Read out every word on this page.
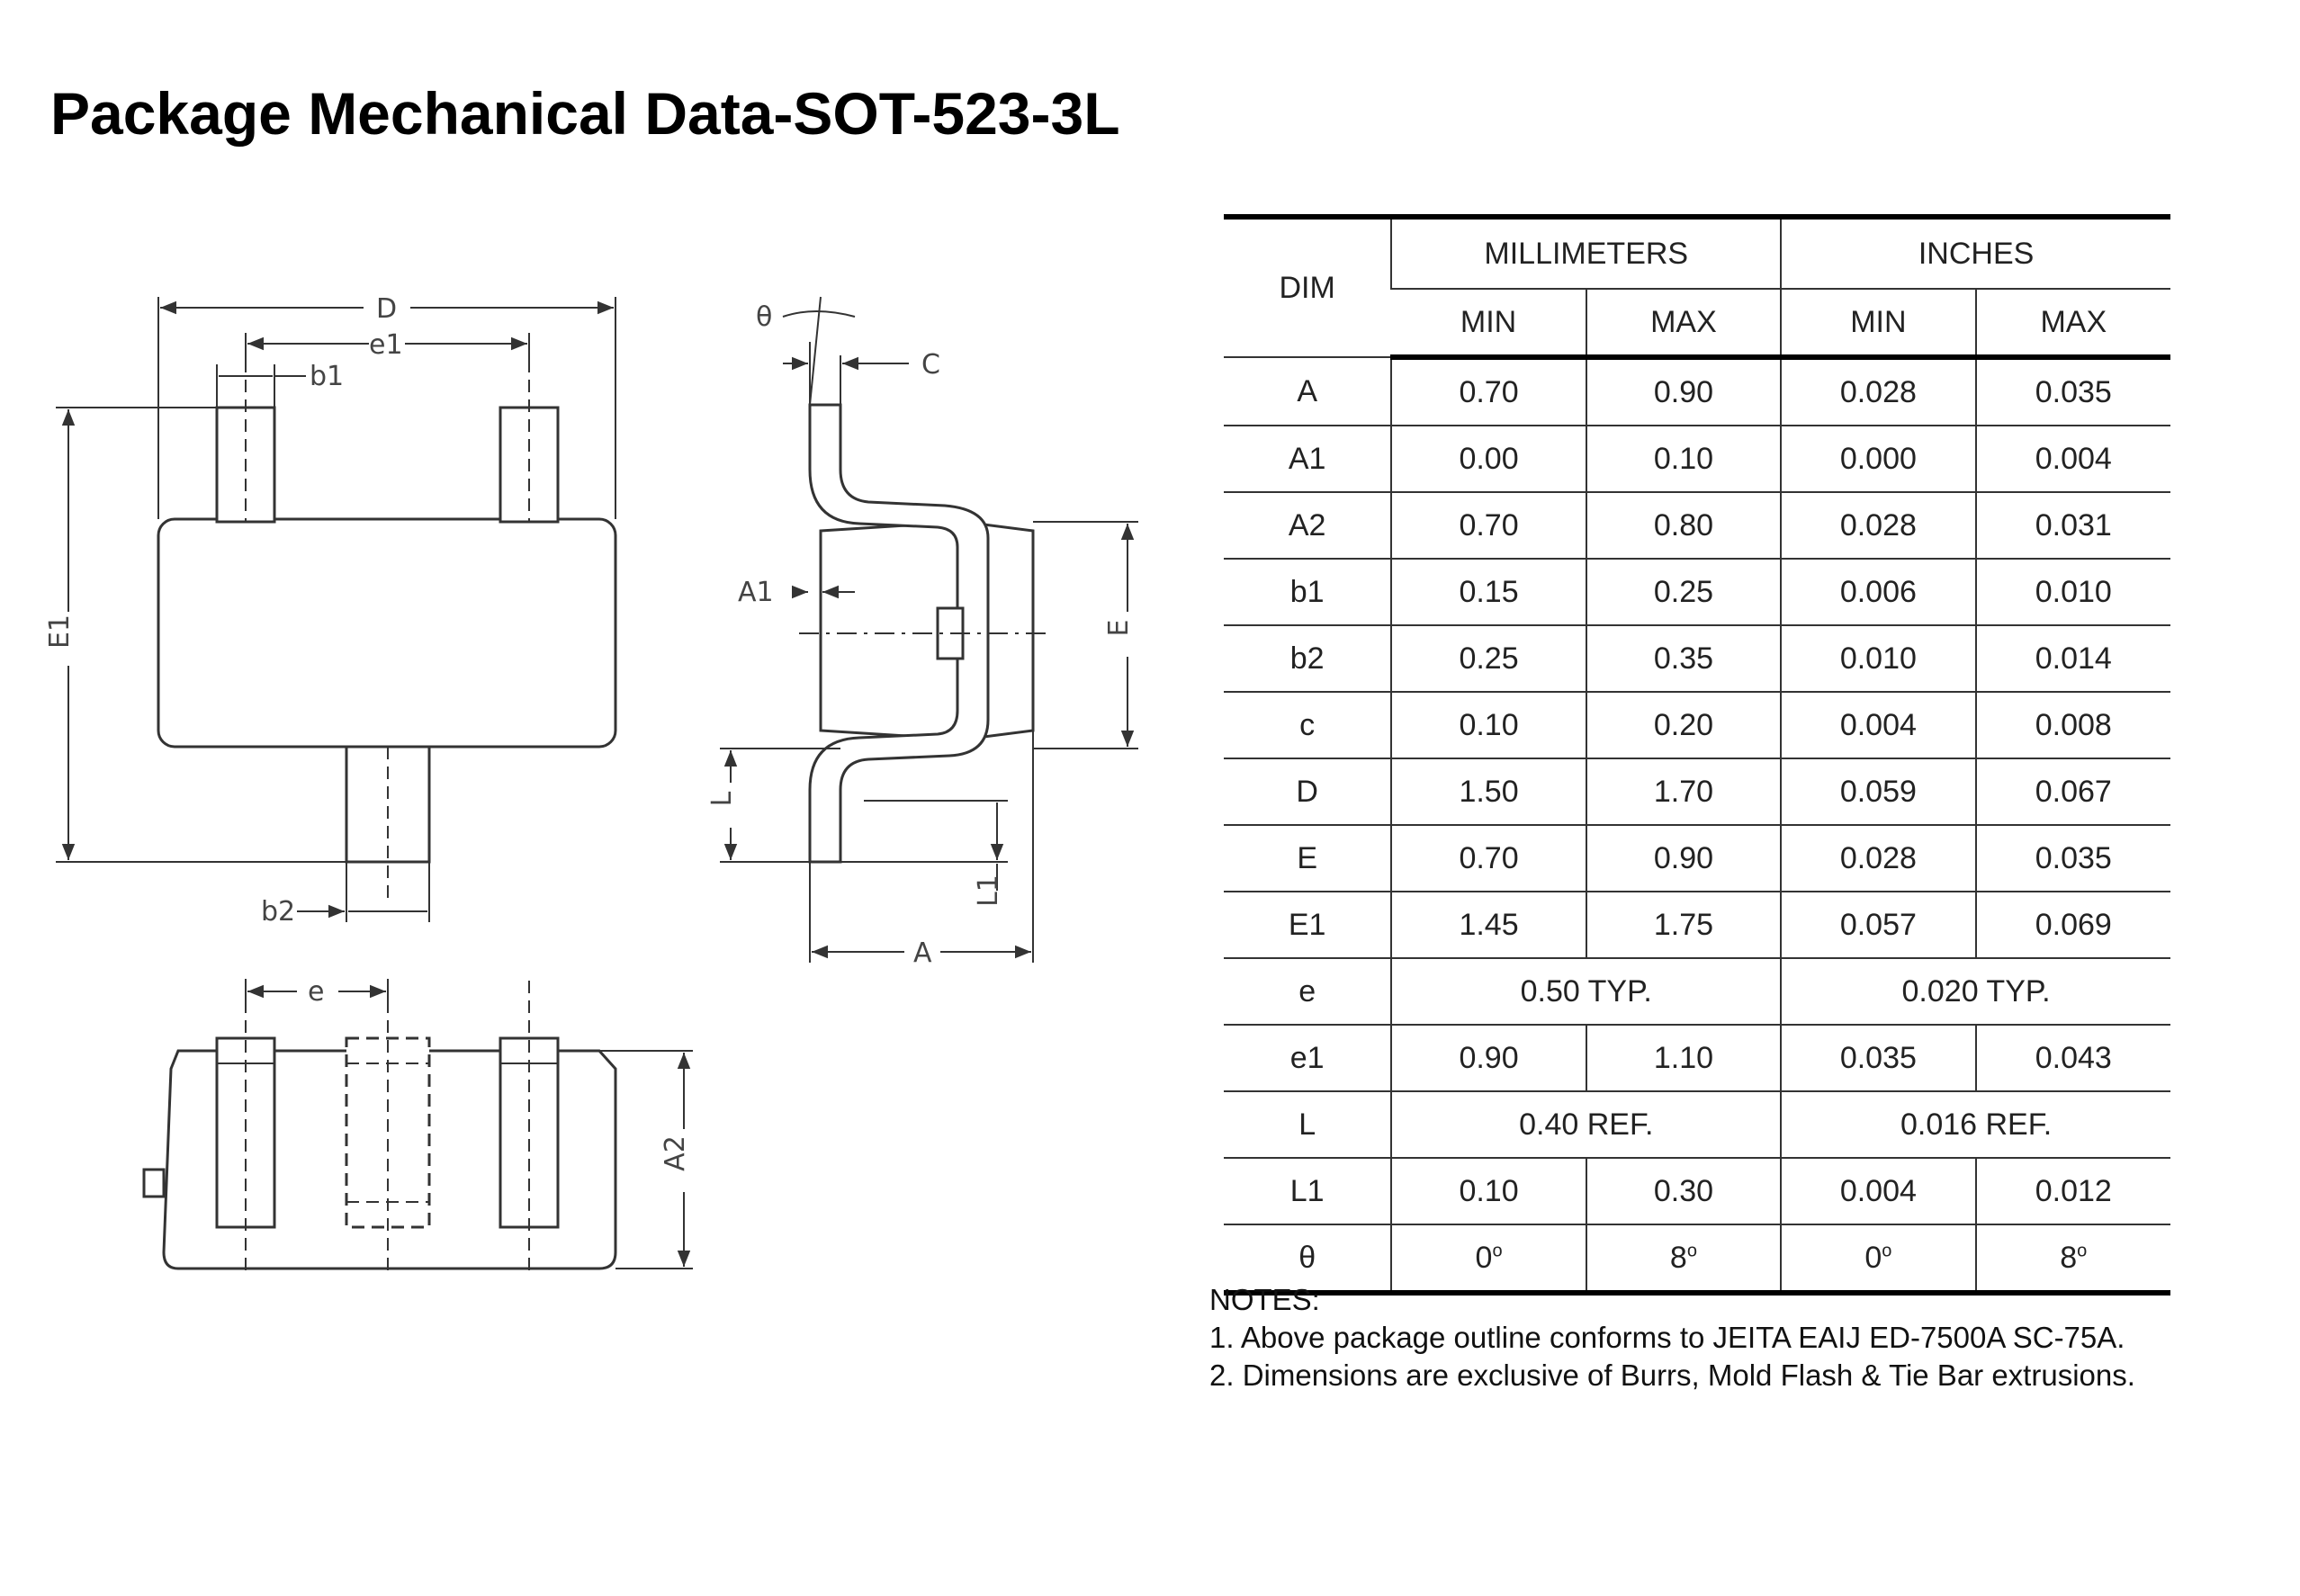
Package Mechanical Data-SOT-523-3L
D
e1
b1
E1
b2
e
A2
θ
C
A1
E
L
L1
A
DIM	MILLIMETERS		INCHES	
	MIN	MAX	MIN	MAX
A	0.70	0.90	0.028	0.035
A1	0.00	0.10	0.000	0.004
A2	0.70	0.80	0.028	0.031
b1	0.15	0.25	0.006	0.010
b2	0.25	0.35	0.010	0.014
c	0.10	0.20	0.004	0.008
D	1.50	1.70	0.059	0.067
E	0.70	0.90	0.028	0.035
E1	1.45	1.75	0.057	0.069
e	0.50 TYP.		0.020 TYP.	
e1	0.90	1.10	0.035	0.043
L	0.40 REF.		0.016 REF.	
L1	0.10	0.30	0.004	0.012
θ	0$^o$	8$^o$	0$^o$	8$^o$
NOTES:
1. Above package outline conforms to JEITA EAIJ ED-7500A SC-75A.
2. Dimensions are exclusive of Burrs, Mold Flash & Tie Bar extrusions.
